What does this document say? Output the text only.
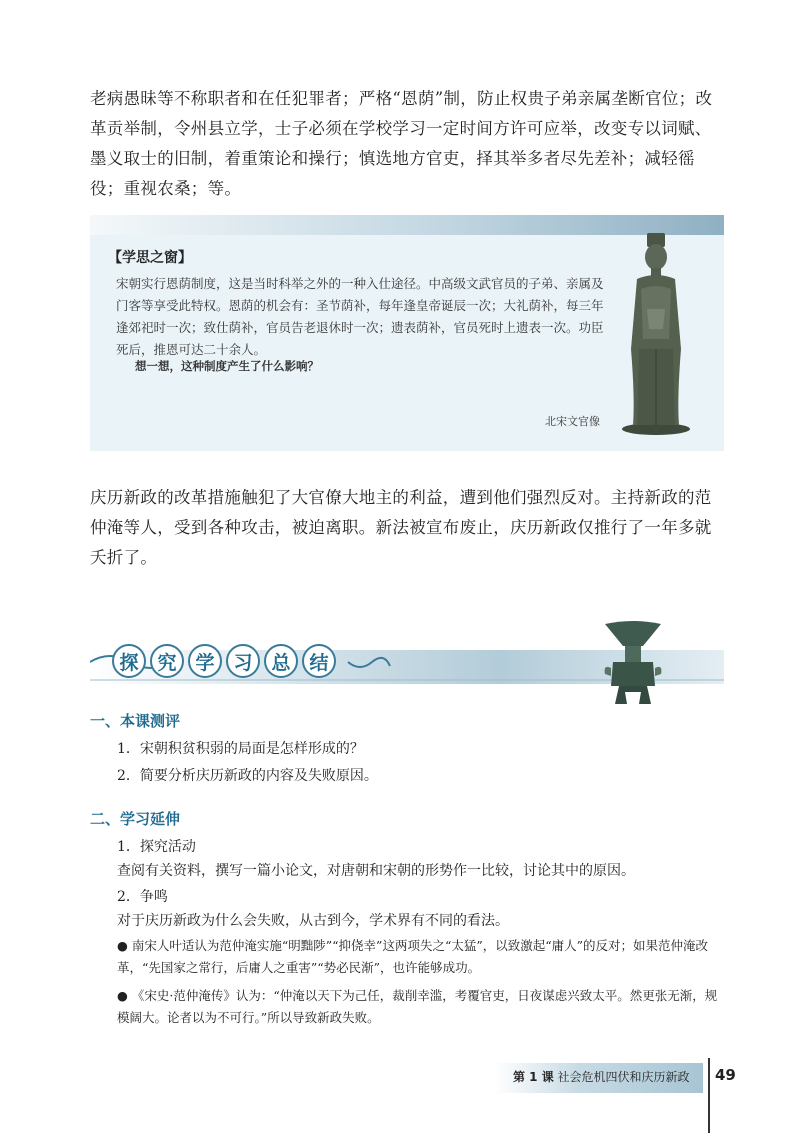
老病愚昧等不称职者和在任犯罪者；严格“恩荫”制，防止权贵子弟亲属垄断官位；改革贡举制，令州县立学，士子必须在学校学习一定时间方许可应举，改变专以词赋、墨义取士的旧制，着重策论和操行；慎选地方官吏，择其举多者尽先差补；减轻徭役；重视农桑；等。

【学思之窗】

宋朝实行恩荫制度，这是当时科举之外的一种入仕途径。中高级文武官员的子弟、亲属及门客等享受此特权。恩荫的机会有：圣节荫补，每年逢皇帝诞辰一次；大礼荫补，每三年逢郊祀时一次；致仕荫补，官员告老退休时一次；遗表荫补，官员死时上遗表一次。功臣死后，推恩可达二十余人。

想一想，这种制度产生了什么影响？
北宋文官像

庆历新政的改革措施触犯了大官僚大地主的利益，遭到他们强烈反对。主持新政的范仲淹等人，受到各种攻击，被迫离职。新法被宣布废止，庆历新政仅推行了一年多就夭折了。

探 究 学 习 总 结

一、本课测评

1．宋朝积贫积弱的局面是怎样形成的？

2．简要分析庆历新政的内容及失败原因。

二、学习延伸

1．探究活动

查阅有关资料，撰写一篇小论文，对唐朝和宋朝的形势作一比较，讨论其中的原因。

2．争鸣

对于庆历新政为什么会失败，从古到今，学术界有不同的看法。

● 南宋人叶适认为范仲淹实施“明黜陟”“抑侥幸”这两项失之“太猛”，以致激起“庸人”的反对；如果范仲淹改革，“先国家之常行，后庸人之重害”“势必民渐”，也许能够成功。

● 《宋史·范仲淹传》认为：“仲淹以天下为己任，裁削幸滥，考覆官吏，日夜谋虑兴致太平。然更张无渐，规模阔大。论者以为不可行。”所以导致新政失败。

第 1 课 社会危机四伏和庆历新政 49
